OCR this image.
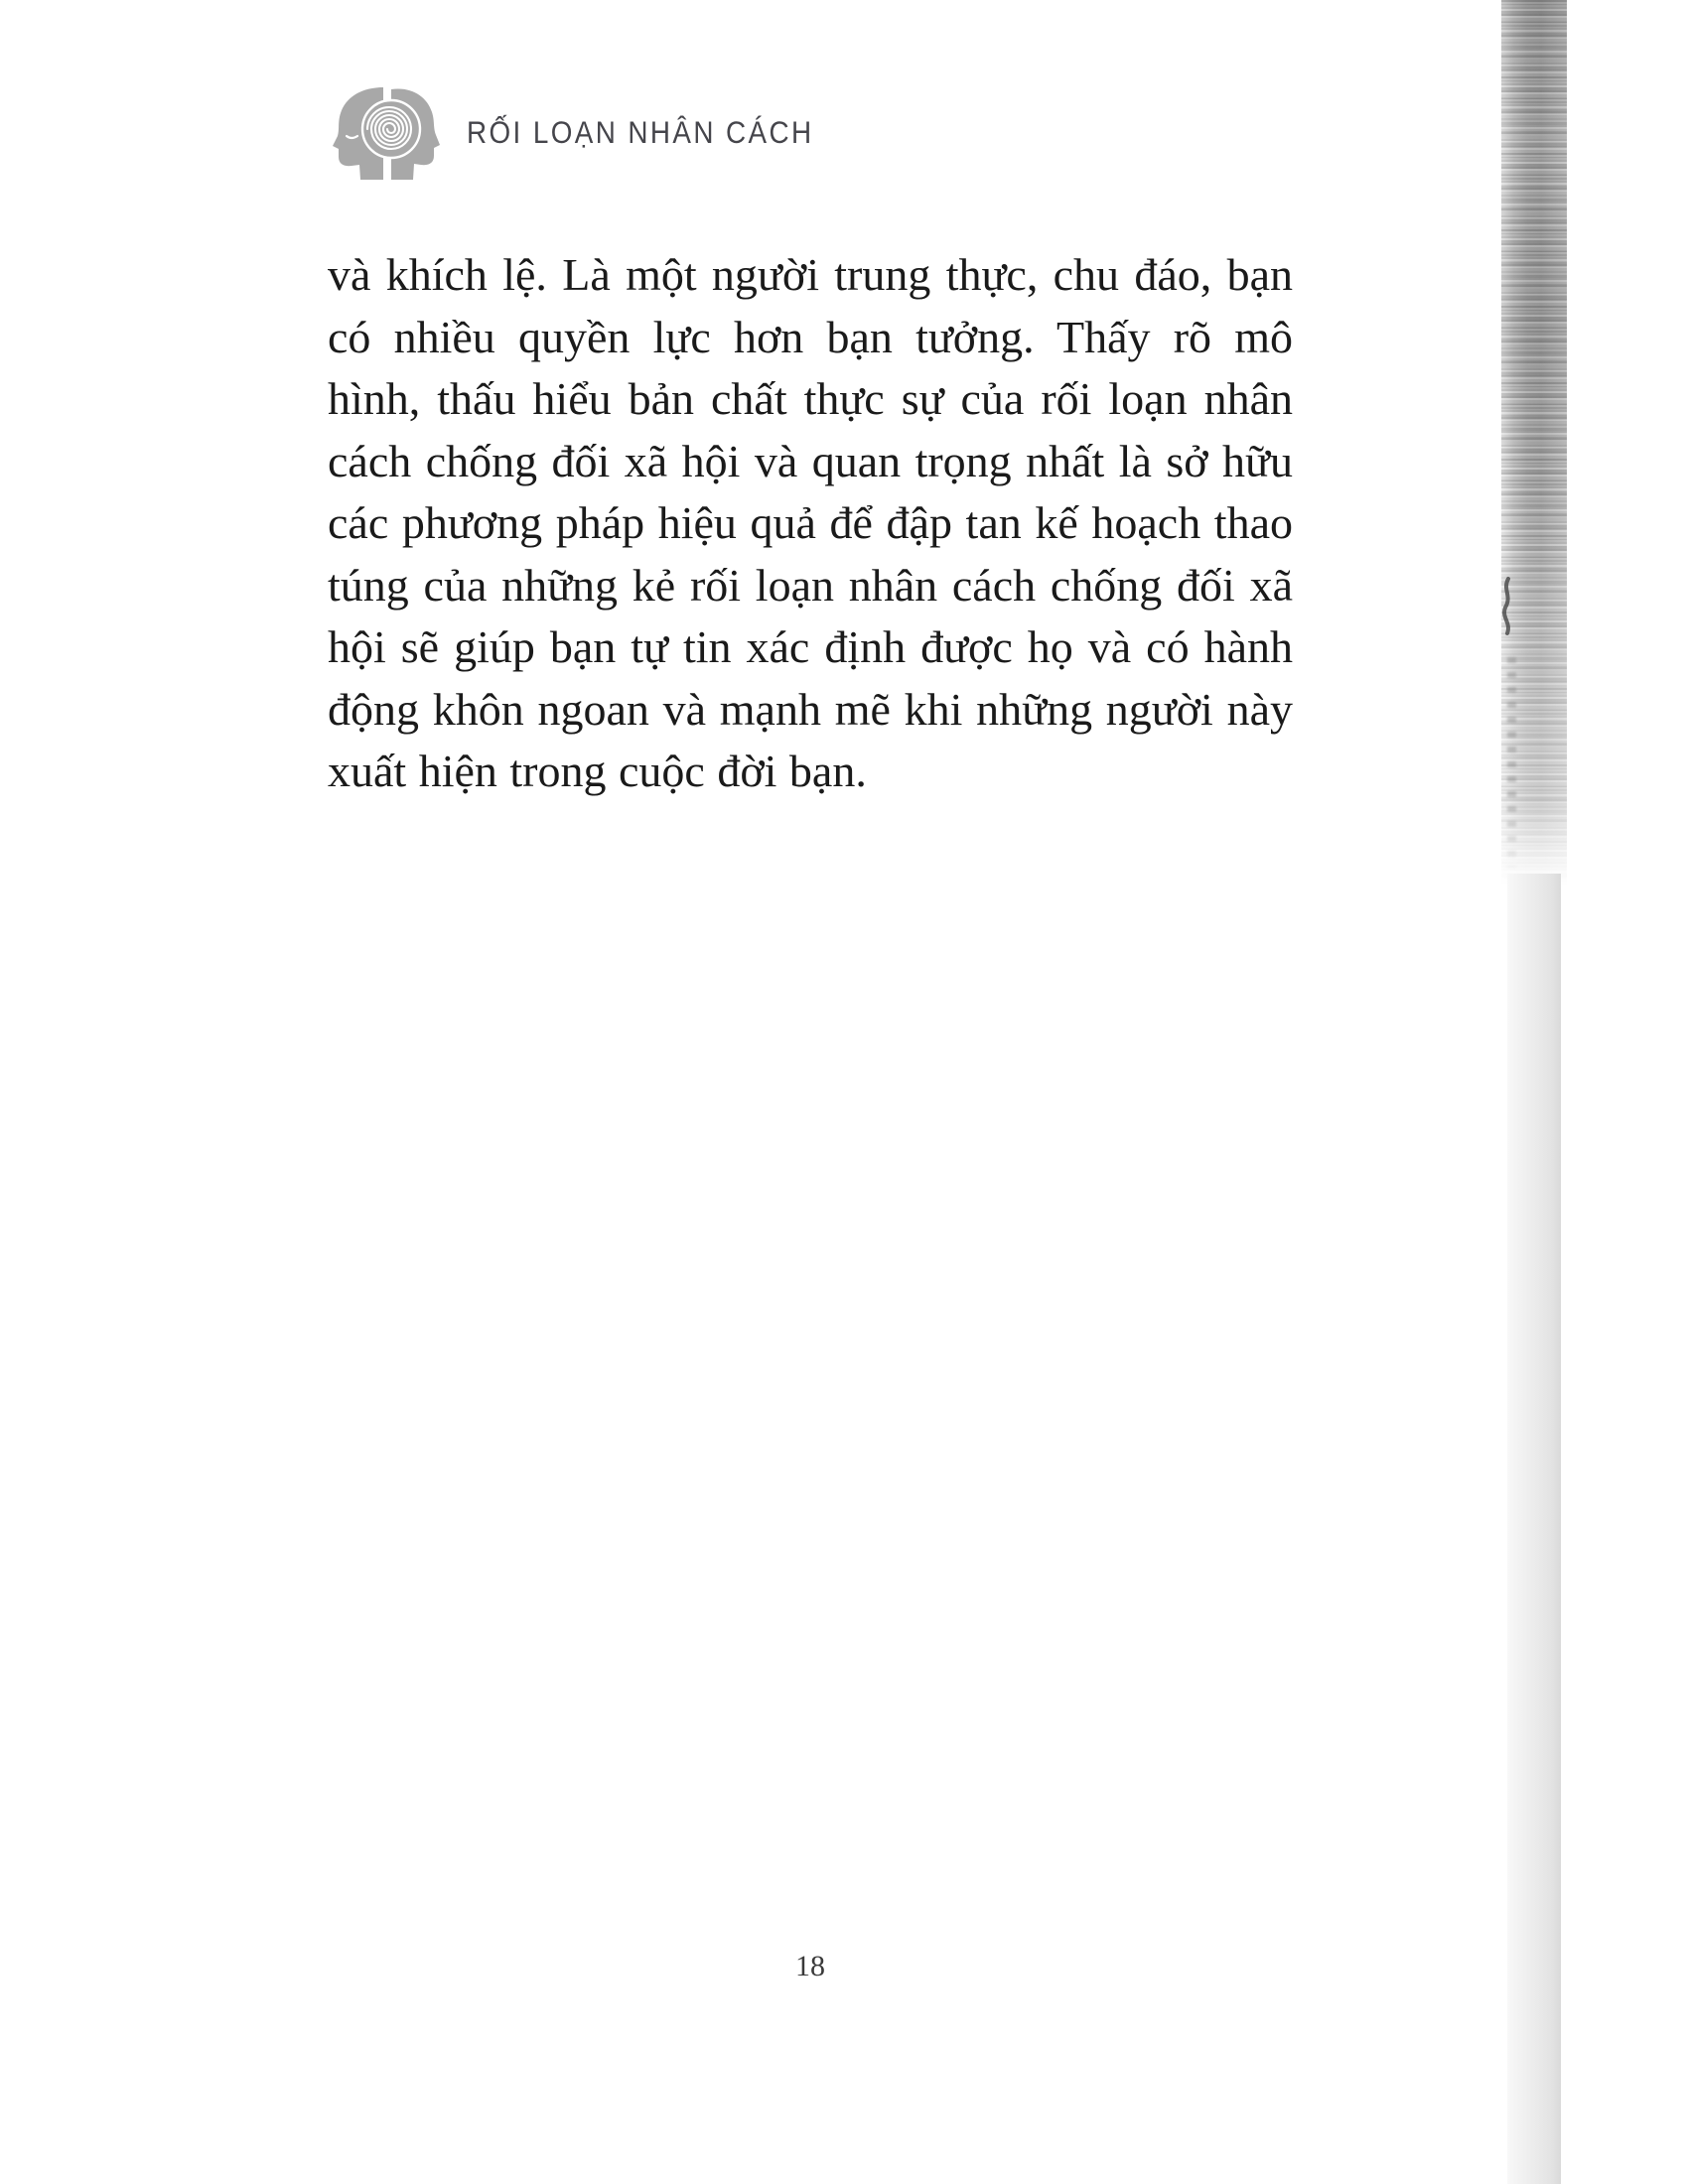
RỐI LOẠN NHÂN CÁCH
và khích lệ. Là một người trung thực, chu đáo, bạn có nhiều quyền lực hơn bạn tưởng. Thấy rõ mô hình, thấu hiểu bản chất thực sự của rối loạn nhân cách chống đối xã hội và quan trọng nhất là sở hữu các phương pháp hiệu quả để đập tan kế hoạch thao túng của những kẻ rối loạn nhân cách chống đối xã hội sẽ giúp bạn tự tin xác định được họ và có hành động khôn ngoan và mạnh mẽ khi những người này xuất hiện trong cuộc đời bạn.
18
